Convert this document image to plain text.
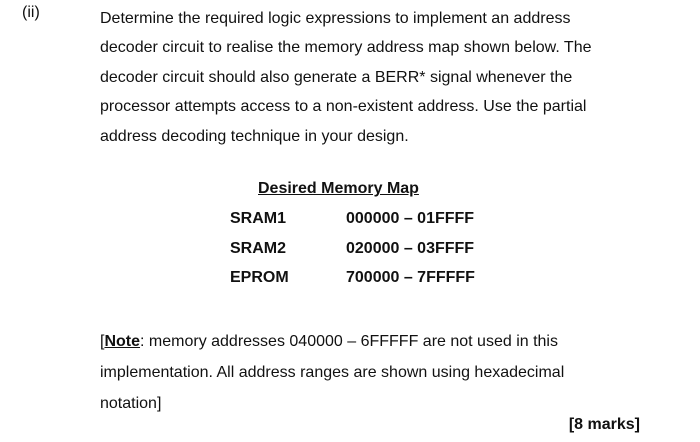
(ii)	Determine the required logic expressions to implement an address
decoder circuit to realise the memory address map shown below. The
decoder circuit should also generate a BERR* signal whenever the
processor attempts access to a non-existent address. Use the partial
address decoding technique in your design.
Desired Memory Map
SRAM1	000000 – 01FFFF
SRAM2	020000 – 03FFFF
EPROM	700000 – 7FFFFF
[Note: memory addresses 040000 – 6FFFFF are not used in this
implementation. All address ranges are shown using hexadecimal
notation]
[8 marks]
